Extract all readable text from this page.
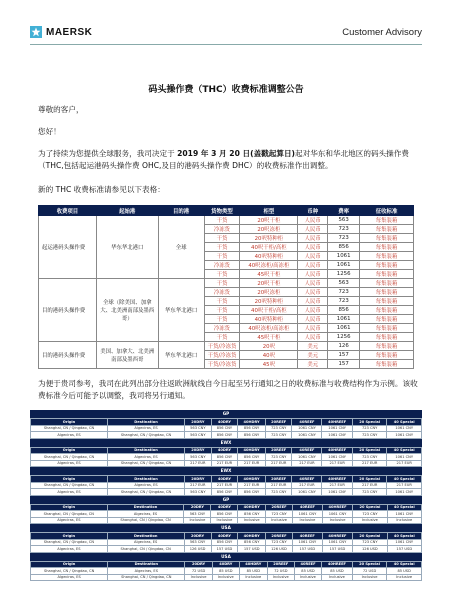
MAERSK	Customer Advisory
码头操作费（THC）收费标准调整公告
尊敬的客户，
您好！
为了持续为您提供全球服务，我司决定于 2019 年 3 月 20 日(盖戳起算日)起对华东和华北地区的码头操作费（THC,包括起运港码头操作费 OHC,及目的港码头操作费 DHC）的收费标准作出调整。
新的 THC 收费标准请参见以下表格：
收费项目	起始港	目的港	货物类型	柜型	币种	费率	征收标准
起运港码头操作费	华东华北港口	全球	干货	20呎干柜	人民币	563	每集装箱
			冷冻货	20呎冻柜	人民币	723	每集装箱
			干货	20呎特种柜	人民币	723	每集装箱
			干货	40呎干柜/高柜	人民币	856	每集装箱
			干货	40呎特种柜	人民币	1061	每集装箱
			冷冻货	40呎冻柜/高冻柜	人民币	1061	每集装箱
			干货	45呎干柜	人民币	1256	每集装箱
目的港码头操作费	全球（除美国、加拿大、北美洲南部及墨西哥）	华东华北港口	干货	20呎干柜	人民币	563	每集装箱
			冷冻货	20呎冻柜	人民币	723	每集装箱
			干货	20呎特种柜	人民币	723	每集装箱
			干货	40呎干柜/高柜	人民币	856	每集装箱
			干货	40呎特种柜	人民币	1061	每集装箱
			冷冻货	40呎冻柜/高冻柜	人民币	1061	每集装箱
			干货	45呎干柜	人民币	1256	每集装箱
目的港码头操作费	美国、加拿大、北美洲南部及墨西哥	华东华北港口	干货/冷冻货	20呎	美元	126	每集装箱
			干货/冷冻货	40呎	美元	157	每集装箱
			干货/冷冻货	45呎	美元	157	每集装箱
为便于贵司参考，我司在此列出部分往返欧洲航线自今日起至另行通知之日的收费标准与收费结构作为示例。该收费标准今后可能予以调整，我司将另行通知。
GP
Origin	Destination	20DRY	40DRY	40HDRY	20REEF	40REEF	40HREEF	20 Special	40 Special
Shanghai, CN / Qingdao, CN	Algeciras, ES	563 CNY	856 CNY	856 CNY	723 CNY	1061 CNY	1061 CNY	723 CNY	1061 CNY
Algeciras, ES	Shanghai, CN / Qingdao, CN	563 CNY	856 CNY	856 CNY	723 CNY	1061 CNY	1061 CNY	723 CNY	1061 CNY
EWX
Origin	Destination	20DRY	40DRY	40HDRY	20REEF	40REEF	40HREEF	20 Special	40 Special
Shanghai, CN / Qingdao, CN	Algeciras, ES	563 CNY	856 CNY	856 CNY	723 CNY	1061 CNY	1061 CNY	723 CNY	1061 CNY
Algeciras, ES	Shanghai, CN / Qingdao, CN	217 EUR	217 EUR	217 EUR	217 EUR	217 EUR	217 EUR	217 EUR	217 EUR
EWX
Origin	Destination	20DRY	40DRY	40HDRY	20REEF	40REEF	40HREEF	20 Special	40 Special
Shanghai, CN / Qingdao, CN	Algeciras, ES	217 EUR	217 EUR	217 EUR	217 EUR	217 EUR	217 EUR	217 EUR	217 EUR
Algeciras, ES	Shanghai, CN / Qingdao, CN	563 CNY	856 CNY	856 CNY	723 CNY	1061 CNY	1061 CNY	723 CNY	1061 CNY
GP
Origin	Destination	20DRY	40DRY	40HDRY	20REEF	40REEF	40HREEF	20 Special	40 Special
Shanghai, CN / Qingdao, CN	Algeciras, ES	563 CNY	856 CNY	856 CNY	723 CNY	1061 CNY	1061 CNY	723 CNY	1061 CNY
Algeciras, ES	Shanghai, CN / Qingdao, CN	Inclusive	Inclusive	Inclusive	Inclusive	Inclusive	Inclusive	Inclusive	Inclusive
USA
Origin	Destination	20DRY	40DRY	40HDRY	20REEF	40REEF	40HREEF	20 Special	40 Special
Shanghai, CN / Qingdao, CN	Algeciras, ES	563 CNY	856 CNY	856 CNY	723 CNY	1061 CNY	1061 CNY	723 CNY	1061 CNY
Algeciras, ES	Shanghai, CN / Qingdao, CN	126 USD	157 USD	157 USD	126 USD	157 USD	157 USD	126 USD	157 USD
USA
Origin	Destination	20DRY	40DRY	40HDRY	20REEF	40REEF	40HREEF	20 Special	40 Special
Shanghai, CN / Qingdao, CN	Algeciras, ES	72 USD	85 USD	85 USD	72 USD	85 USD	85 USD	72 USD	85 USD
Algeciras, ES	Shanghai, CN / Qingdao, CN	Inclusive	Inclusive	Inclusive	Inclusive	Inclusive	Inclusive	Inclusive	Inclusive
